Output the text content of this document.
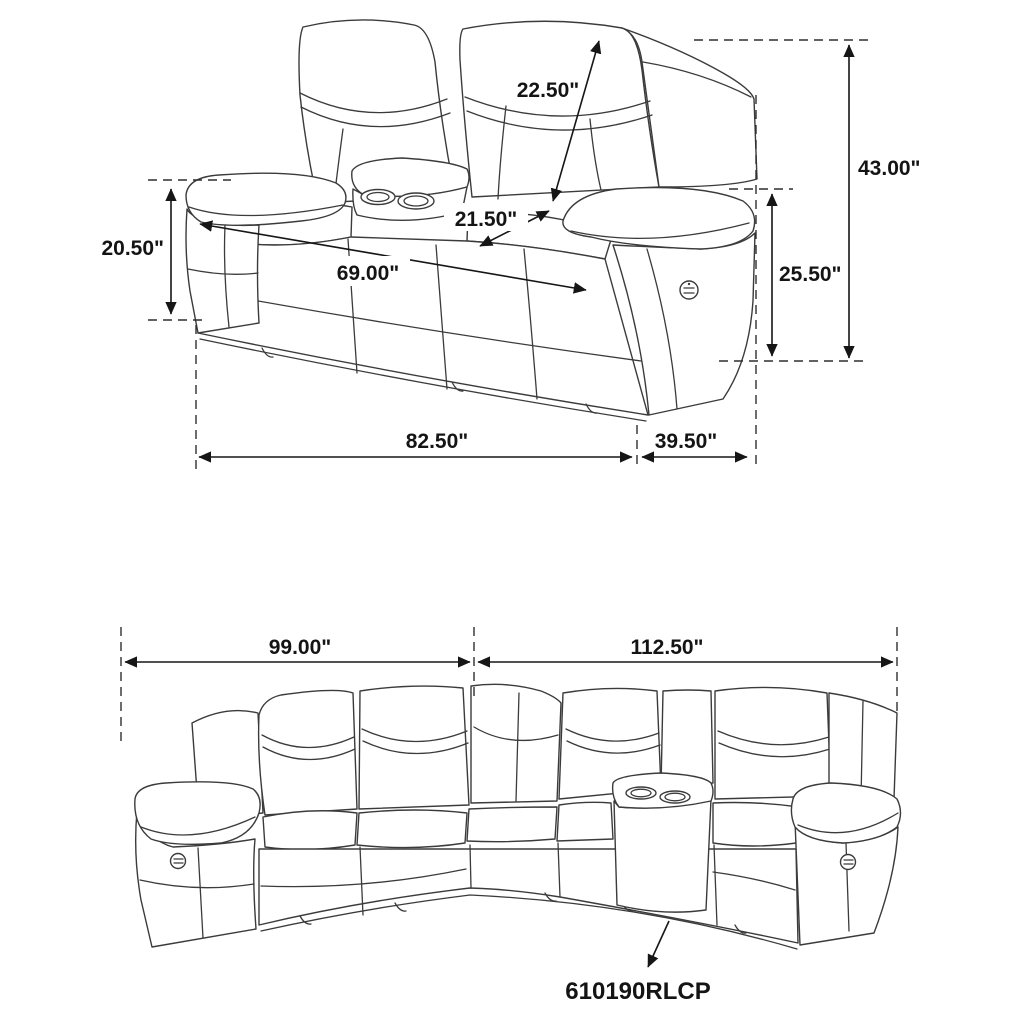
22.50"
43.00"
25.50"
20.50"
69.00"
21.50"
82.50"	39.50"
99.00"	112.50"
610190RLCP
